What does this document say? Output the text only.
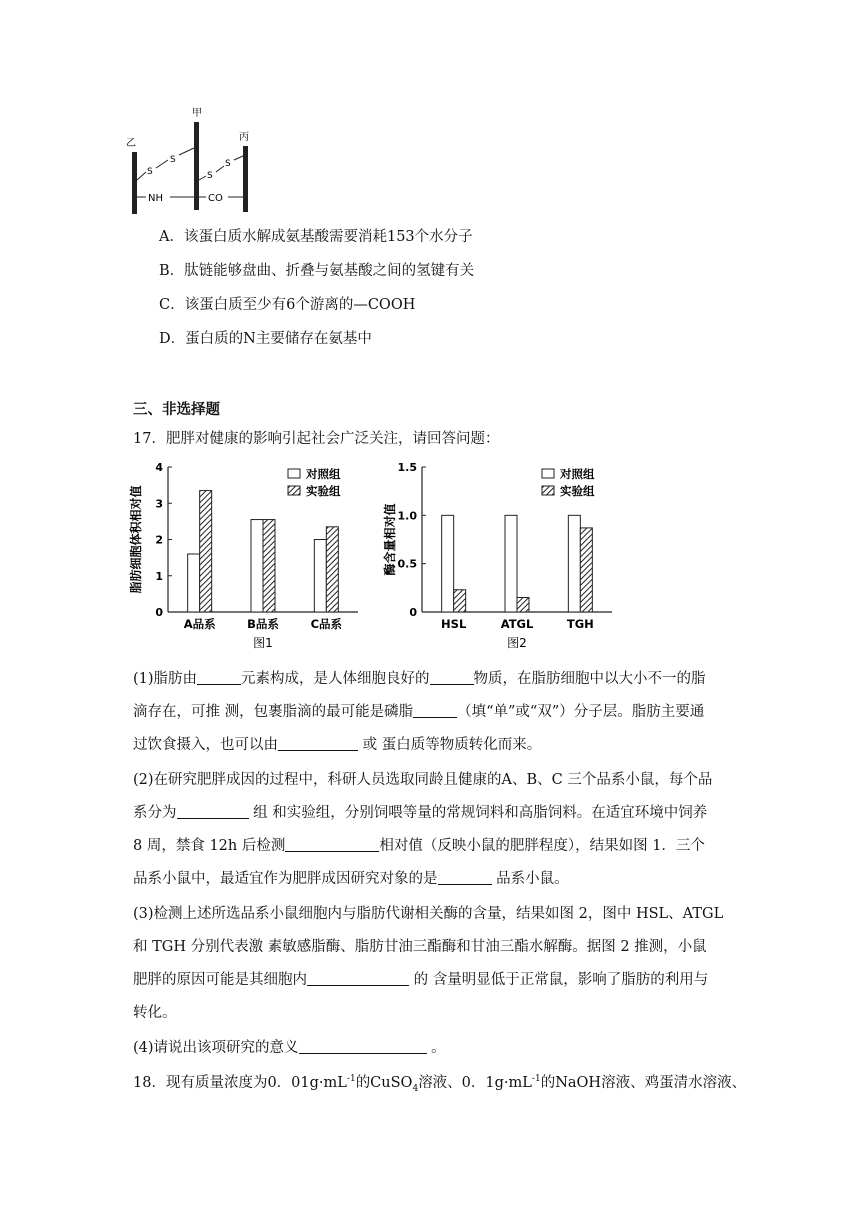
甲
乙
丙
S
S
S
S
NH	CO
A．该蛋白质水解成氨基酸需要消耗153个水分子
B．肽链能够盘曲、折叠与氨基酸之间的氢键有关
C．该蛋白质至少有6个游离的—COOH
D．蛋白质的N主要储存在氨基中
三、非选择题
17．肥胖对健康的影响引起社会广泛关注，请回答问题：
0
1
2
3
4
脂肪细胞体积相对值
A品系	B品系	C品系
图1
对照组
实验组
0
0.5
1.0
1.5
酶含量相对值
HSL	ATGL	TGH
图2
对照组
实验组
(1)脂肪由	元素构成，是人体细胞良好的	物质，在脂肪细胞中以大小不一的脂
滴存在，可推 测，包裹脂滴的最可能是磷脂	（填“单”或“双”）分子层。脂肪主要通
过饮食摄入，也可以由	或 蛋白质等物质转化而来。
(2)在研究肥胖成因的过程中，科研人员选取同龄且健康的A、B、C 三个品系小鼠，每个品
系分为	组 和实验组，分别饲喂等量的常规饲料和高脂饲料。在适宜环境中饲养
8 周，禁食 12h 后检测	相对值（反映小鼠的肥胖程度），结果如图 1．三个
品系小鼠中，最适宜作为肥胖成因研究对象的是	品系小鼠。
(3)检测上述所选品系小鼠细胞内与脂肪代谢相关酶的含量，结果如图 2，图中 HSL、ATGL
和 TGH 分别代表激 素敏感脂酶、脂肪甘油三酯酶和甘油三酯水解酶。据图 2 推测，小鼠
肥胖的原因可能是其细胞内	的 含量明显低于正常鼠，影响了脂肪的利用与
转化。
(4)请说出该项研究的意义	。
18．现有质量浓度为0．$01g\cdot mL^{-1}$的CuSO$_4$溶液、0．$1g\cdot mL^{-1}$的NaOH溶液、鸡蛋清水溶液、
